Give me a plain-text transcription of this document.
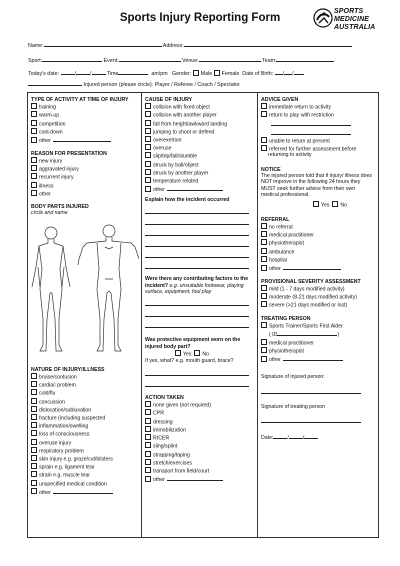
Sports Injury Reporting Form
SPORTS
MEDICINE
AUSTRALIA
Name:	Address:
Sport:	Event:	Venue:	Team:
Today's date:	/	/	Time	am/pm Gender: Male Female Date of Birth: / /
Injured person (please circle): Player / Referee / Coach / Spectator
TYPE OF ACTIVITY AT TIME OF INJURY
training
warm-up
competition
cool-down
other
REASON FOR PRESENTATION
new injury
aggravated injury
recurrent injury
illness
other
BODY PARTS INJURED
circle and name
NATURE OF INJURY/ILLNESS
bruise/contusion
cardiac problem
cold/flu
concussion
dislocation/subluxation
fracture (including suspected
inflammation/swelling
loss of consciousness
overuse injury
respiratory problem
skin injury e.g. graze/cut/blisters
sprain e.g. ligament tear
strain e.g. muscle tear
unspecified medical condition
other
CAUSE OF INJURY
collision with fixed object
collision with another player
fall from height/awkward landing
jumping to shoot or defend
overexertion
overuse
slip/trip/fall/stumble
struck by ball/object
struck by another player
temperature related
other
Explain how the incident occurred
Were there any contributing factors to the incident? e.g. unsuitable footwear, playing surface, equipment, foul play
Was protective equipment worn on the injured body part?
Yes No
If yes, what? e.g. mouth guard, brace?
ACTION TAKEN
none given (not required)
CPR
dressing
immobilization
RICER
sling/splint
strapping/taping
stretch/exercises
transport from field/court
other
ADVICE GIVEN
immediate return to activity
return to play with restriction
unable to return at present
referred for further assessment before returning to activity
NOTICE
The injured person told that if injury/ illness does NOT improve in the following 24 hours they MUST seek further advice from their own medical professional.
Yes No
REFERRAL
no referral
medical practitioner
physiotherapist
ambulance
hospital
other
PROVISIONAL SEVERITY ASSESSMENT
mild (1 - 7 days modified activity)
moderate (8-21 days modified activity)
severe (>21 days modified or lost)
TREATING PERSON
Sports Trainer/Sports First Aider
( ID	)
medical practitioner
physiotherapist
other
Signature of injured person:
Signature of treating person
Date:	/	/
